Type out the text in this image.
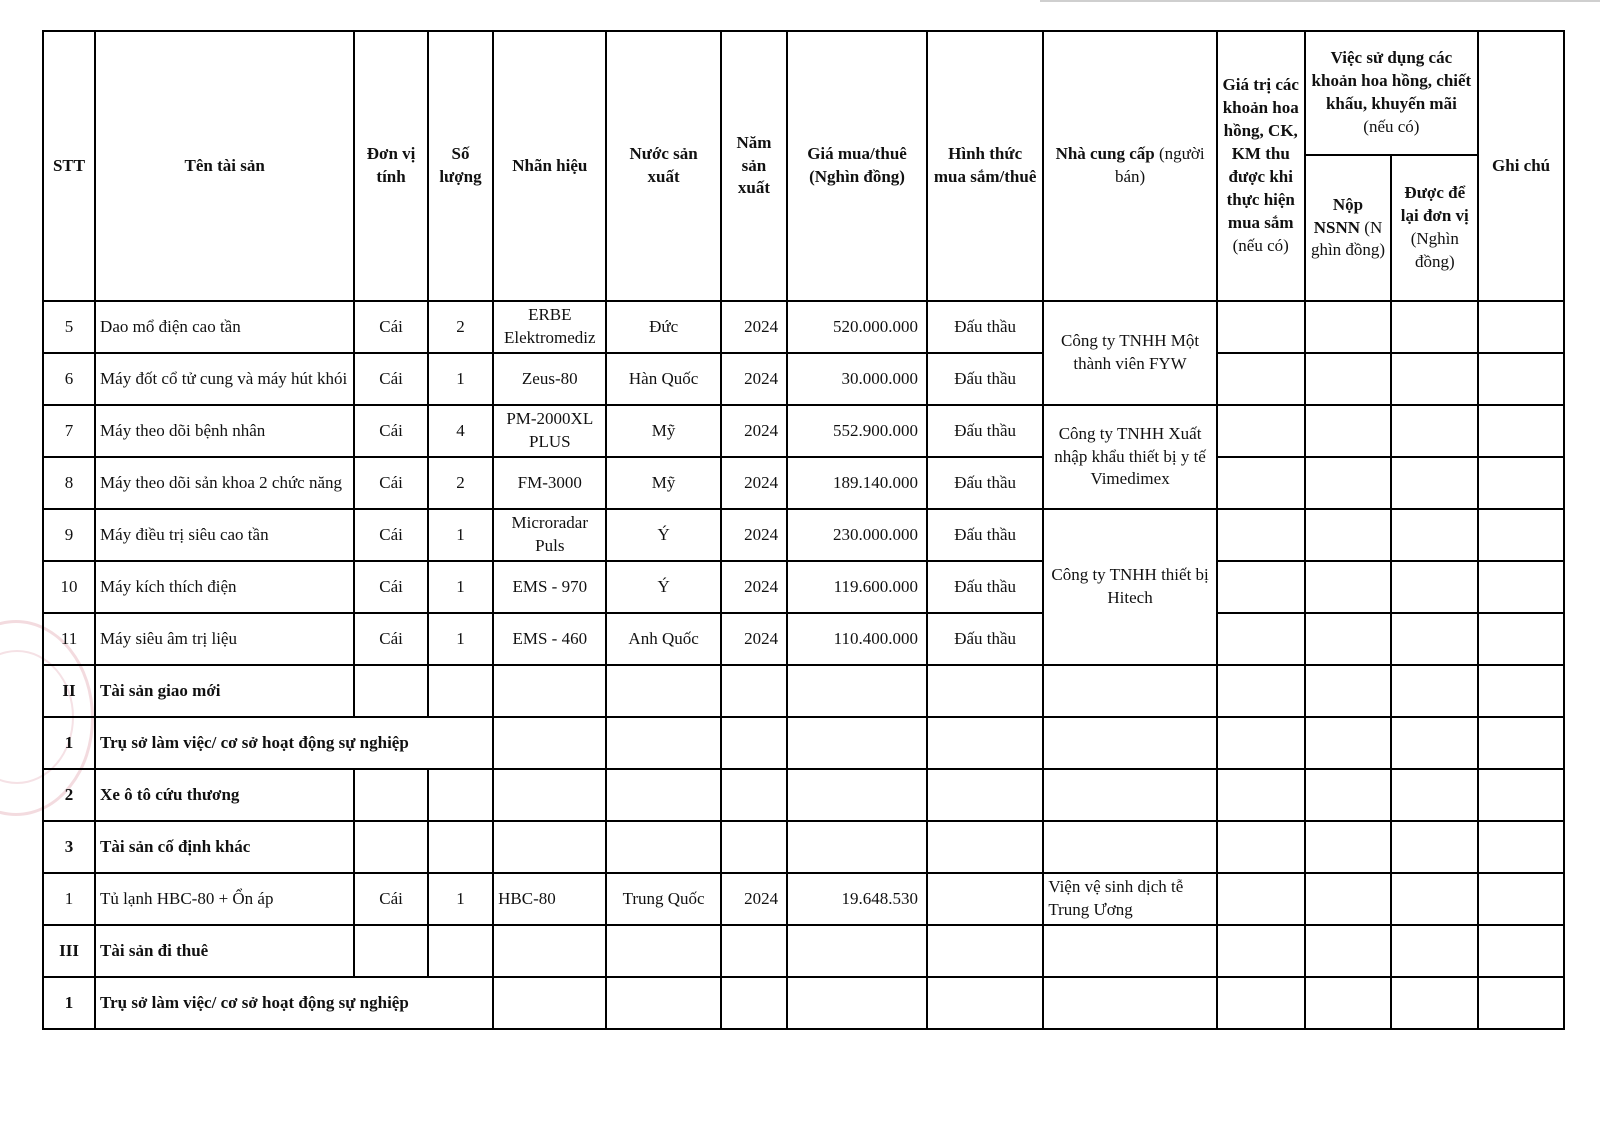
STT	Tên tài sản	Đơn vị tính	Số lượng	Nhãn hiệu	Nước sản xuất	Năm sản xuất	Giá mua/thuê (Nghìn đồng)	Hình thức mua sắm/thuê	Nhà cung cấp (người bán)	Giá trị các khoản hoa hồng, CK, KM thu được khi thực hiện mua sắm (nếu có)	Việc sử dụng các khoản hoa hồng, chiết khấu, khuyến mãi (nếu có)		Ghi chú
											Nộp NSNN (N ghìn đồng)	Được để lại đơn vị (Nghìn đồng)	
5	Dao mổ điện cao tần	Cái	2	ERBE Elektromediz	Đức	2024	520.000.000	Đấu thầu	Công ty TNHH Một thành viên FYW				
6	Máy đốt cổ tử cung và máy hút khói	Cái	1	Zeus-80	Hàn Quốc	2024	30.000.000	Đấu thầu					
7	Máy theo dõi bệnh nhân	Cái	4	PM-2000XL PLUS	Mỹ	2024	552.900.000	Đấu thầu	Công ty TNHH Xuất nhập khẩu thiết bị y tế Vimedimex				
8	Máy theo dõi sản khoa 2 chức năng	Cái	2	FM-3000	Mỹ	2024	189.140.000	Đấu thầu					
9	Máy điều trị siêu cao tần	Cái	1	Microradar Puls	Ý	2024	230.000.000	Đấu thầu	Công ty TNHH thiết bị Hitech				
10	Máy kích thích điện	Cái	1	EMS - 970	Ý	2024	119.600.000	Đấu thầu					
11	Máy siêu âm trị liệu	Cái	1	EMS - 460	Anh Quốc	2024	110.400.000	Đấu thầu					
II	Tài sản giao mới												
1	Trụ sở làm việc/ cơ sở hoạt động sự nghiệp												
2	Xe ô tô cứu thương												
3	Tài sản cố định khác												
1	Tủ lạnh HBC-80 + Ổn áp	Cái	1	HBC-80	Trung Quốc	2024	19.648.530		Viện vệ sinh dịch tễ Trung Ương				
III	Tài sản đi thuê												
1	Trụ sở làm việc/ cơ sở hoạt động sự nghiệp												
